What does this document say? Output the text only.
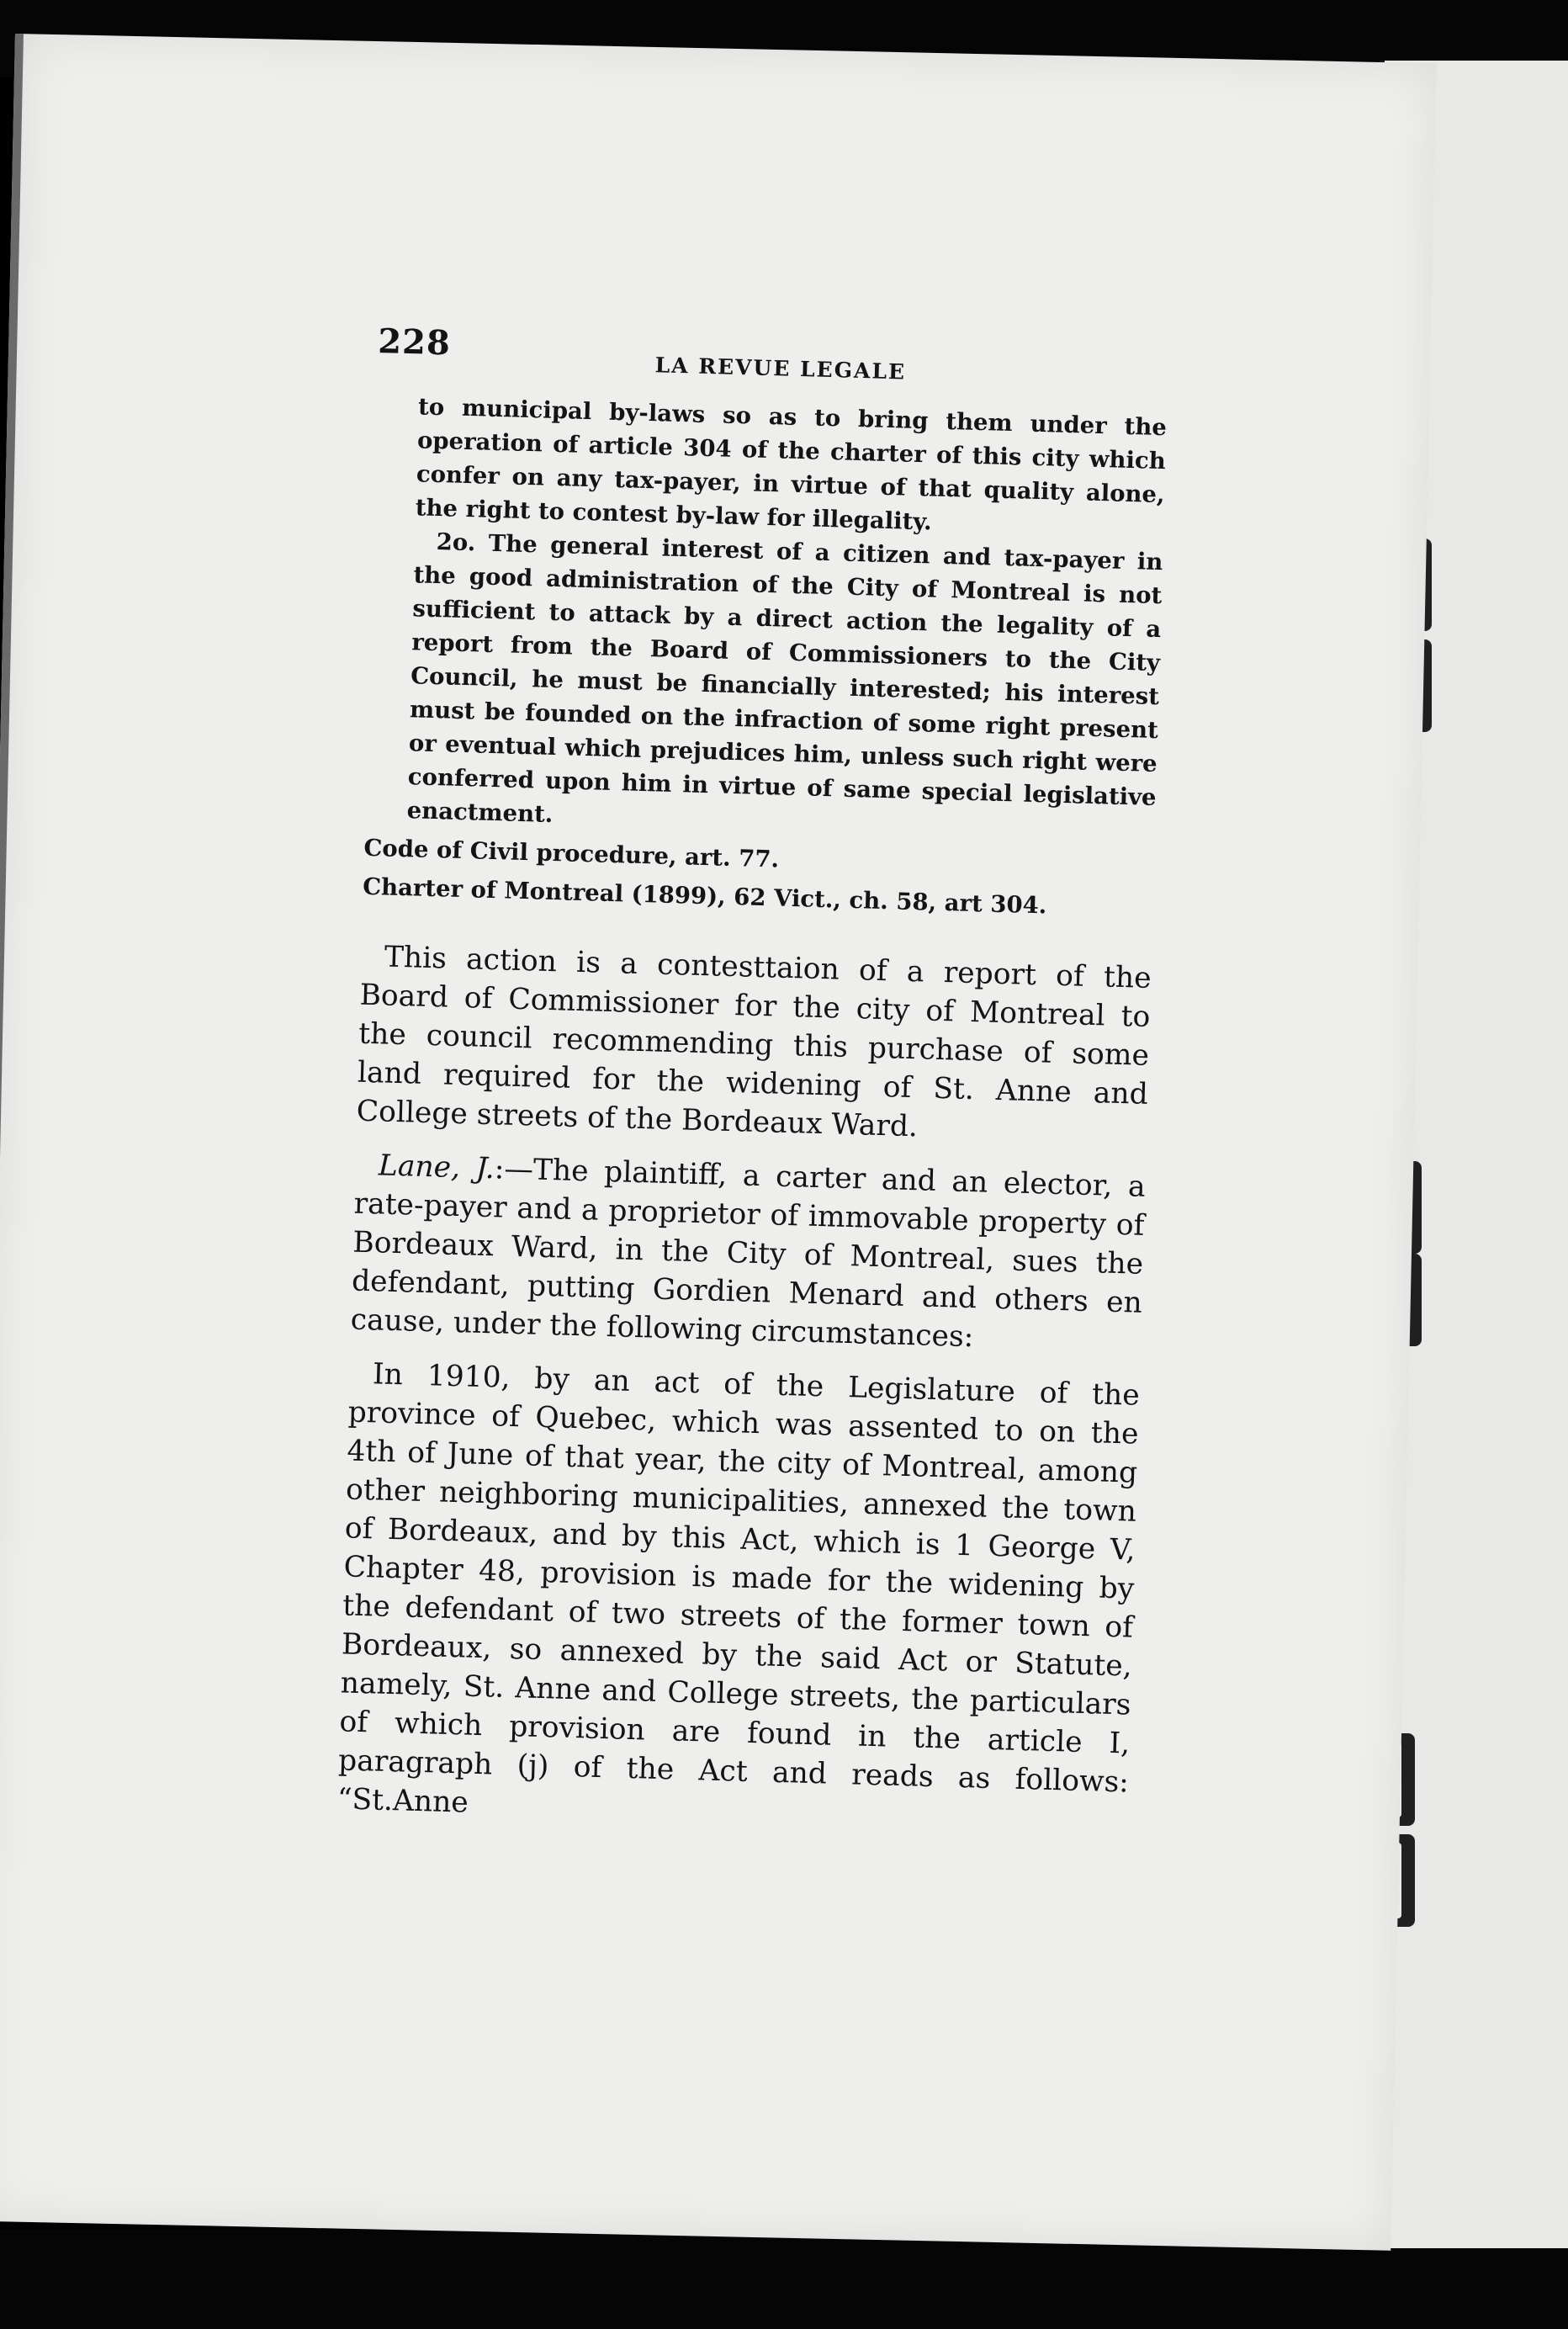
228
LA REVUE LEGALE

to municipal by-laws so as to bring them under the operation of article 304 of the charter of this city which confer on any tax-payer, in virtue of that quality alone, the right to contest by-law for illegality.

2o. The general interest of a citizen and tax-payer in the good administration of the City of Montreal is not sufficient to attack by a direct action the legality of a report from the Board of Commissioners to the City Council, he must be financially interested; his interest must be founded on the infraction of some right present or eventual which prejudices him, unless such right were conferred upon him in virtue of same special legislative enactment.

Code of Civil procedure, art. 77.

Charter of Montreal (1899), 62 Vict., ch. 58, art 304.

This action is a contesttaion of a report of the Board of Commissioner for the city of Montreal to the council recommending this purchase of some land required for the widening of St. Anne and College streets of the Bordeaux Ward.

Lane, J.:—The plaintiff, a carter and an elector, a rate-payer and a proprietor of immovable property of Bordeaux Ward, in the City of Montreal, sues the defendant, putting Gordien Menard and others en cause, under the following circumstances:

In 1910, by an act of the Legislature of the province of Quebec, which was assented to on the 4th of June of that year, the city of Montreal, among other neighboring municipalities, annexed the town of Bordeaux, and by this Act, which is 1 George V, Chapter 48, provision is made for the widening by the defendant of two streets of the former town of Bordeaux, so annexed by the said Act or Statute, namely, St. Anne and College streets, the particulars of which provision are found in the article I, paragraph (j) of the Act and reads as follows: “St.Anne
